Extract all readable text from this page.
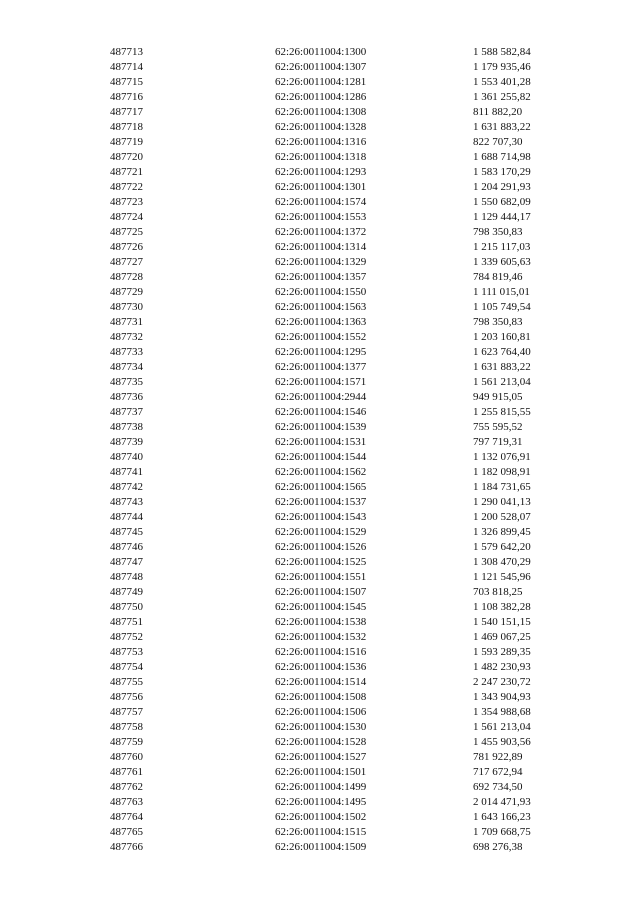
487713	62:26:0011004:1300	1 588 582,84
487714	62:26:0011004:1307	1 179 935,46
487715	62:26:0011004:1281	1 553 401,28
487716	62:26:0011004:1286	1 361 255,82
487717	62:26:0011004:1308	811 882,20
487718	62:26:0011004:1328	1 631 883,22
487719	62:26:0011004:1316	822 707,30
487720	62:26:0011004:1318	1 688 714,98
487721	62:26:0011004:1293	1 583 170,29
487722	62:26:0011004:1301	1 204 291,93
487723	62:26:0011004:1574	1 550 682,09
487724	62:26:0011004:1553	1 129 444,17
487725	62:26:0011004:1372	798 350,83
487726	62:26:0011004:1314	1 215 117,03
487727	62:26:0011004:1329	1 339 605,63
487728	62:26:0011004:1357	784 819,46
487729	62:26:0011004:1550	1 111 015,01
487730	62:26:0011004:1563	1 105 749,54
487731	62:26:0011004:1363	798 350,83
487732	62:26:0011004:1552	1 203 160,81
487733	62:26:0011004:1295	1 623 764,40
487734	62:26:0011004:1377	1 631 883,22
487735	62:26:0011004:1571	1 561 213,04
487736	62:26:0011004:2944	949 915,05
487737	62:26:0011004:1546	1 255 815,55
487738	62:26:0011004:1539	755 595,52
487739	62:26:0011004:1531	797 719,31
487740	62:26:0011004:1544	1 132 076,91
487741	62:26:0011004:1562	1 182 098,91
487742	62:26:0011004:1565	1 184 731,65
487743	62:26:0011004:1537	1 290 041,13
487744	62:26:0011004:1543	1 200 528,07
487745	62:26:0011004:1529	1 326 899,45
487746	62:26:0011004:1526	1 579 642,20
487747	62:26:0011004:1525	1 308 470,29
487748	62:26:0011004:1551	1 121 545,96
487749	62:26:0011004:1507	703 818,25
487750	62:26:0011004:1545	1 108 382,28
487751	62:26:0011004:1538	1 540 151,15
487752	62:26:0011004:1532	1 469 067,25
487753	62:26:0011004:1516	1 593 289,35
487754	62:26:0011004:1536	1 482 230,93
487755	62:26:0011004:1514	2 247 230,72
487756	62:26:0011004:1508	1 343 904,93
487757	62:26:0011004:1506	1 354 988,68
487758	62:26:0011004:1530	1 561 213,04
487759	62:26:0011004:1528	1 455 903,56
487760	62:26:0011004:1527	781 922,89
487761	62:26:0011004:1501	717 672,94
487762	62:26:0011004:1499	692 734,50
487763	62:26:0011004:1495	2 014 471,93
487764	62:26:0011004:1502	1 643 166,23
487765	62:26:0011004:1515	1 709 668,75
487766	62:26:0011004:1509	698 276,38
